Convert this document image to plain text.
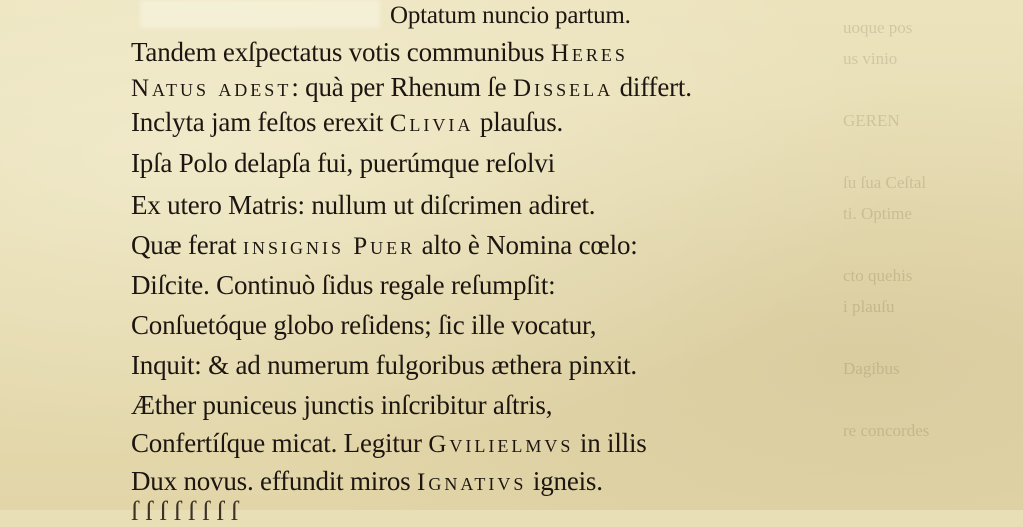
uoque pos
us vinio

GEREN

ſu ſua Ceſtal
ti. Optime

cto quehis
i plauſu

Dagibus

re concordes
Optatum nuncio partum.
Tandem exſpectatus votis communibus Heres
Natus adest: quà per Rhenum ſe Dissela differt.
Inclyta jam feſtos erexit Clivia plauſus.
Ipſa Polo delapſa fui, puerúmque reſolvi
Ex utero Matris: nullum ut diſcrimen adiret.
Quæ ferat insignis Puer alto è Nomina cœlo:
Diſcite. Continuò ſidus regale reſumpſit:
Conſuetóque globo reſidens; ſic ille vocatur,
Inquit: & ad numerum fulgoribus æthera pinxit.
Æther puniceus junctis inſcribitur aſtris,
Confertíſque micat. Legitur Gvilielmvs in illis
Dux novus. effundit miros Ignativs igneis.
ſ ſ ſ ſ ſ ſ ſ ſ
